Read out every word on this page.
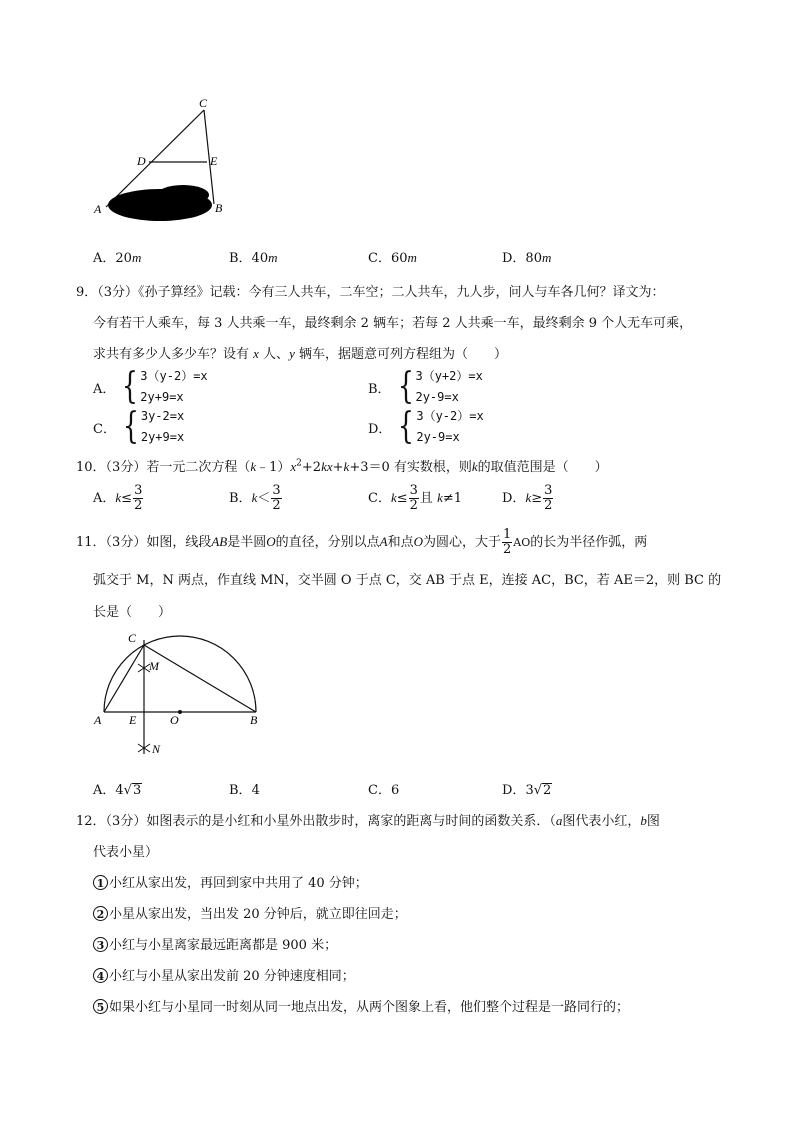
C
D	E
A	B
A．20m	B．40m	C．60m	D．80m
9．（3分）《孙子算经》记载：今有三人共车，二车空；二人共车，九人步，问人与车各几何？译文为：
今有若干人乘车，每 3 人共乘一车，最终剩余 2 辆车；若每 2 人共乘一车，最终剩余 9 个人无车可乘，
求共有多少人多少车？设有 x 人、y 辆车，据题意可列方程组为（　　）
A． { 3（y-2）=x
2y+9=x
B． { 3（y+2）=x
2y-9=x
C． { 3y-2=x
2y+9=x
D． { 3（y-2）=x
2y-9=x
10．（3分）若一元二次方程$(k﹣1)x^2+2kx+k+3=0$ 有实数根，则k的取值范围是（　　）
A．$k\le \frac{3}{2}$	B．$k< \frac{3}{2}$	C．$k\le \frac{3}{2}$ 且 k≠1	D．$k\ge \frac{3}{2}$
11．（3分）如图，线段AB是半圆O的直径，分别以点A和点O为圆心，大于 $\frac{1}{2}$ AO的长为半径作弧，两
弧交于 M，N 两点，作直线 MN，交半圆 O 于点 C，交 AB 于点 E，连接 AC，BC，若 AE＝2，则 BC 的
长是（　　）
C
M
A E	O	B
N
A．4√ 3	B．4	C．6	D．3√ 2
12．（3分）如图表示的是小红和小星外出散步时，离家的距离与时间的函数关系．（a图代表小红，b图
代表小星）
1 小红从家出发，再回到家中共用了 40 分钟；
2 小星从家出发，当出发 20 分钟后，就立即往回走；
3 小红与小星离家最远距离都是 900 米；
4 小红与小星从家出发前 20 分钟速度相同；
5 如果小红与小星同一时刻从同一地点出发，从两个图象上看，他们整个过程是一路同行的；
